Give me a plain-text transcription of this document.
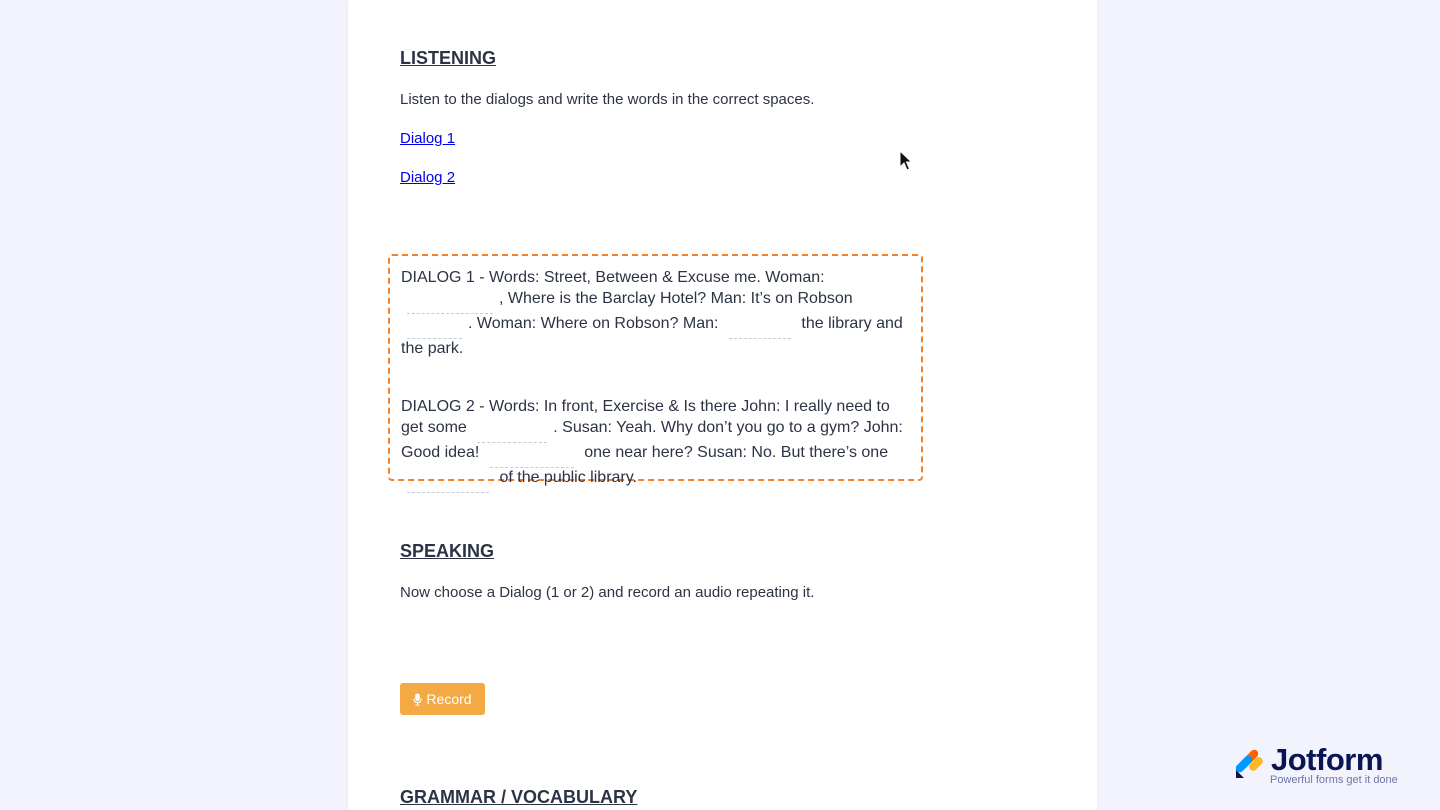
LISTENING

Listen to the dialogs and write the words in the correct spaces.

Dialog 1
Dialog 2

DIALOG 1 - Words: Street, Between & Excuse me. Woman: , Where is the Barclay Hotel? Man: It’s on Robson . Woman: Where on Robson? Man:	the library and the park.

DIALOG 2 - Words: In front, Exercise & Is there John: I really need to get some	. Susan: Yeah. Why don’t you go to a gym? John: Good idea!	one near here? Susan: No. But there’s one  of the public library.

SPEAKING

Now choose a Dialog (1 or 2) and record an audio repeating it.

Record
GRAMMAR / VOCABULARY
Jotform
Powerful forms get it done
